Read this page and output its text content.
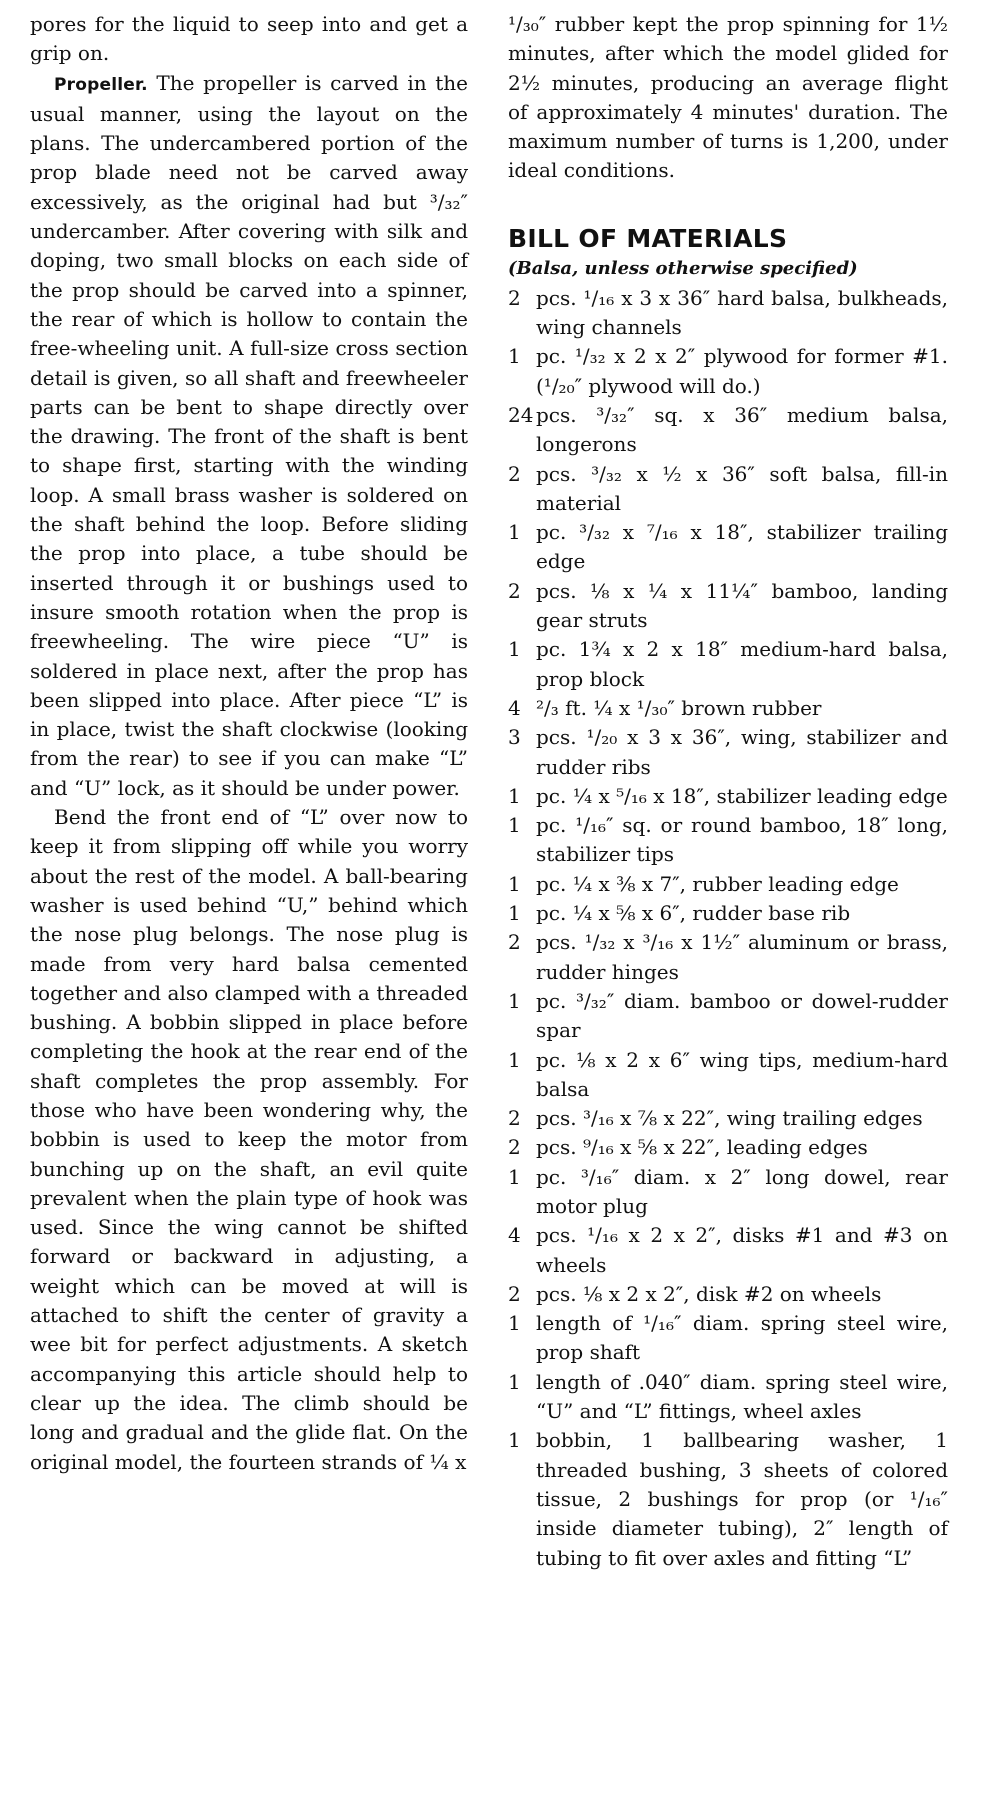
pores for the liquid to seep into and get a grip on.

Propeller. The propeller is carved in the usual manner, using the layout on the plans. The undercambered portion of the prop blade need not be carved away excessively, as the original had but ³/₃₂″ undercamber. After covering with silk and doping, two small blocks on each side of the prop should be carved into a spinner, the rear of which is hollow to contain the free-wheeling unit. A full-size cross section detail is given, so all shaft and freewheeler parts can be bent to shape directly over the drawing. The front of the shaft is bent to shape first, starting with the winding loop. A small brass washer is soldered on the shaft behind the loop. Before sliding the prop into place, a tube should be inserted through it or bushings used to insure smooth rotation when the prop is freewheeling. The wire piece “U” is soldered in place next, after the prop has been slipped into place. After piece “L” is in place, twist the shaft clockwise (looking from the rear) to see if you can make “L” and “U” lock, as it should be under power.

Bend the front end of “L” over now to keep it from slipping off while you worry about the rest of the model. A ball-bearing washer is used behind “U,” behind which the nose plug belongs. The nose plug is made from very hard balsa cemented together and also clamped with a threaded bushing. A bobbin slipped in place before completing the hook at the rear end of the shaft completes the prop assembly. For those who have been wondering why, the bobbin is used to keep the motor from bunching up on the shaft, an evil quite prevalent when the plain type of hook was used. Since the wing cannot be shifted forward or backward in adjusting, a weight which can be moved at will is attached to shift the center of gravity a wee bit for perfect adjustments. A sketch accompanying this article should help to clear up the idea. The climb should be long and gradual and the glide flat. On the original model, the fourteen strands of ¼ x

¹/₃₀″ rubber kept the prop spinning for 1½ minutes, after which the model glided for 2½ minutes, producing an average flight of approximately 4 minutes' duration. The maximum number of turns is 1,200, under ideal conditions.

BILL OF MATERIALS
(Balsa, unless otherwise specified)
2 pcs. ¹/₁₆ x 3 x 36″ hard balsa, bulkheads, wing channels
1 pc. ¹/₃₂ x 2 x 2″ plywood for former #1. (¹/₂₀″ plywood will do.)
24 pcs. ³/₃₂″ sq. x 36″ medium balsa, longerons
2 pcs. ³/₃₂ x ½ x 36″ soft balsa, fill-in material
1 pc. ³/₃₂ x ⁷/₁₆ x 18″, stabilizer trailing edge
2 pcs. ⅛ x ¼ x 11¼″ bamboo, landing gear struts
1 pc. 1¾ x 2 x 18″ medium-hard balsa, prop block
4 ²/₃ ft. ¼ x ¹/₃₀″ brown rubber
3 pcs. ¹/₂₀ x 3 x 36″, wing, stabilizer and rudder ribs
1 pc. ¼ x ⁵/₁₆ x 18″, stabilizer leading edge
1 pc. ¹/₁₆″ sq. or round bamboo, 18″ long, stabilizer tips
1 pc. ¼ x ⅜ x 7″, rubber leading edge
1 pc. ¼ x ⅝ x 6″, rudder base rib
2 pcs. ¹/₃₂ x ³/₁₆ x 1½″ aluminum or brass, rudder hinges
1 pc. ³/₃₂″ diam. bamboo or dowel-rudder spar
1 pc. ⅛ x 2 x 6″ wing tips, medium-hard balsa
2 pcs. ³/₁₆ x ⅞ x 22″, wing trailing edges
2 pcs. ⁹/₁₆ x ⅝ x 22″, leading edges
1 pc. ³/₁₆″ diam. x 2″ long dowel, rear motor plug
4 pcs. ¹/₁₆ x 2 x 2″, disks #1 and #3 on wheels
2 pcs. ⅛ x 2 x 2″, disk #2 on wheels
1 length of ¹/₁₆″ diam. spring steel wire, prop shaft
1 length of .040″ diam. spring steel wire, “U” and “L” fittings, wheel axles
1 bobbin, 1 ballbearing washer, 1 threaded bushing, 3 sheets of colored tissue, 2 bushings for prop (or ¹/₁₆″ inside diameter tubing), 2″ length of tubing to fit over axles and fitting “L”
